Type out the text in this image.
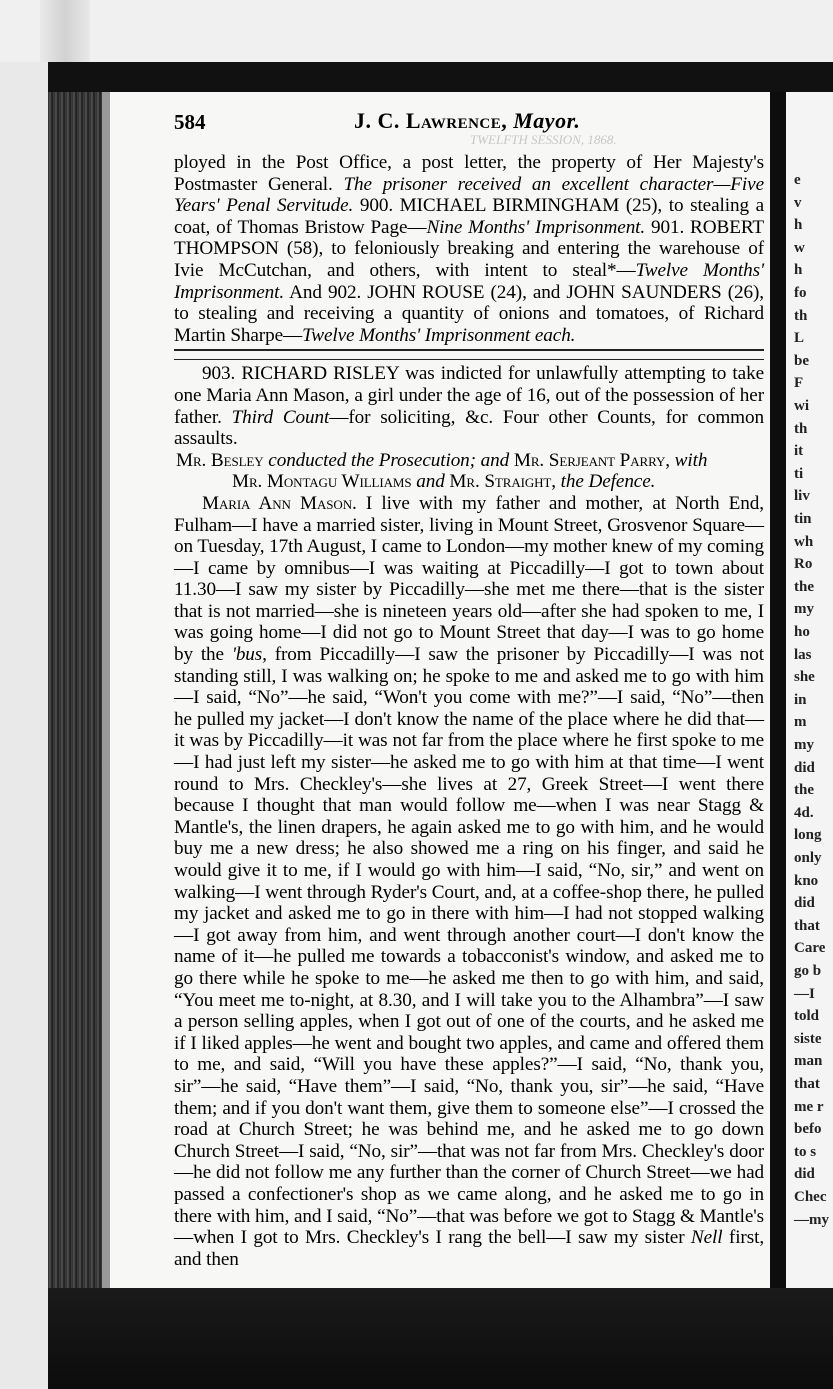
e
v
h
w
h
fo
th
L
be
F
wi
th
it
ti
liv
tin
wh
Ro
the
my
ho
las
she
in
m
my
did
the
4d.
long
only
kno
did
that
Care
go b
—I
told
siste
man
that
me r
befo
to s
did
Chec
—my
584	J. C. Lawrence, Mayor.
TWELFTH SESSION, 1868.

ployed in the Post Office, a post letter, the property of Her Majesty's Postmaster General. The prisoner received an excellent character—Five Years' Penal Servitude. 900. MICHAEL BIRMINGHAM (25), to stealing a coat, of Thomas Bristow Page—Nine Months' Imprisonment. 901. ROBERT THOMPSON (58), to feloniously breaking and entering the warehouse of Ivie McCutchan, and others, with intent to steal*—Twelve Months' Imprisonment. And 902. JOHN ROUSE (24), and JOHN SAUNDERS (26), to stealing and receiving a quantity of onions and tomatoes, of Richard Martin Sharpe—Twelve Months' Imprisonment each.

903. RICHARD RISLEY was indicted for unlawfully attempting to take one Maria Ann Mason, a girl under the age of 16, out of the possession of her father. Third Count—for soliciting, &c. Four other Counts, for common assaults.

Mr. Besley conducted the Prosecution; and Mr. Serjeant Parry, with

Mr. Montagu Williams and Mr. Straight, the Defence.

Maria Ann Mason. I live with my father and mother, at North End, Fulham—I have a married sister, living in Mount Street, Grosvenor Square—on Tuesday, 17th August, I came to London—my mother knew of my coming—I came by omnibus—I was waiting at Piccadilly—I got to town about 11.30—I saw my sister by Piccadilly—she met me there—that is the sister that is not married—she is nineteen years old—after she had spoken to me, I was going home—I did not go to Mount Street that day—I was to go home by the 'bus, from Piccadilly—I saw the prisoner by Piccadilly—I was not standing still, I was walking on; he spoke to me and asked me to go with him—I said, “No”—he said, “Won't you come with me?”—I said, “No”—then he pulled my jacket—I don't know the name of the place where he did that—it was by Piccadilly—it was not far from the place where he first spoke to me—I had just left my sister—he asked me to go with him at that time—I went round to Mrs. Checkley's—she lives at 27, Greek Street—I went there because I thought that man would follow me—when I was near Stagg & Mantle's, the linen drapers, he again asked me to go with him, and he would buy me a new dress; he also showed me a ring on his finger, and said he would give it to me, if I would go with him—I said, “No, sir,” and went on walking—I went through Ryder's Court, and, at a coffee-shop there, he pulled my jacket and asked me to go in there with him—I had not stopped walking—I got away from him, and went through another court—I don't know the name of it—he pulled me towards a tobacconist's window, and asked me to go there while he spoke to me—he asked me then to go with him, and said, “You meet me to-night, at 8.30, and I will take you to the Alhambra”—I saw a person selling apples, when I got out of one of the courts, and he asked me if I liked apples—he went and bought two apples, and came and offered them to me, and said, “Will you have these apples?”—I said, “No, thank you, sir”—he said, “Have them”—I said, “No, thank you, sir”—he said, “Have them; and if you don't want them, give them to someone else”—I crossed the road at Church Street; he was behind me, and he asked me to go down Church Street—I said, “No, sir”—that was not far from Mrs. Checkley's door—he did not follow me any further than the corner of Church Street—we had passed a confectioner's shop as we came along, and he asked me to go in there with him, and I said, “No”—that was before we got to Stagg & Mantle's—when I got to Mrs. Checkley's I rang the bell—I saw my sister Nell first, and then
